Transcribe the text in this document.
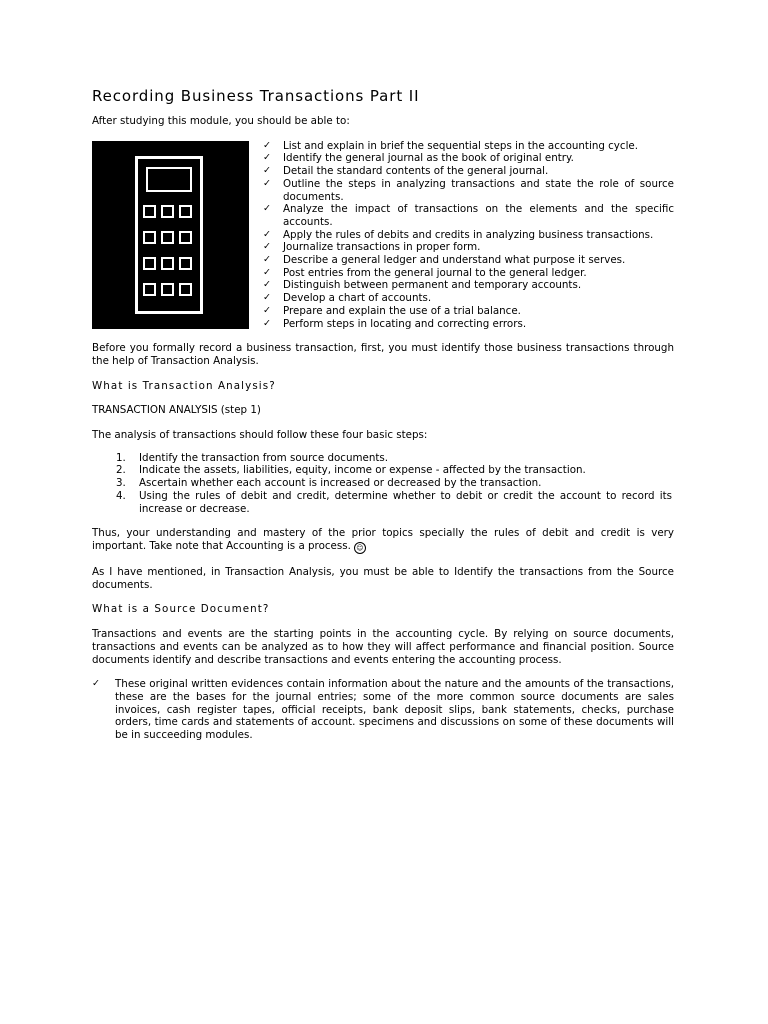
Recording Business Transactions Part II

After studying this module, you should be able to:

✓ List and explain in brief the sequential steps in the accounting cycle.
✓ Identify the general journal as the book of original entry.
✓ Detail the standard contents of the general journal.
✓ Outline the steps in analyzing transactions and state the role of source documents.
✓ Analyze the impact of transactions on the elements and the specific accounts.
✓ Apply the rules of debits and credits in analyzing business transactions.
✓ Journalize transactions in proper form.
✓ Describe a general ledger and understand what purpose it serves.
✓ Post entries from the general journal to the general ledger.
✓ Distinguish between permanent and temporary accounts.
✓ Develop a chart of accounts.
✓ Prepare and explain the use of a trial balance.
✓ Perform steps in locating and correcting errors.

Before you formally record a business transaction, first, you must identify those business transactions through the help of Transaction Analysis.

What is Transaction Analysis?

TRANSACTION ANALYSIS (step 1)

The analysis of transactions should follow these four basic steps:

1. Identify the transaction from source documents.
2. Indicate the assets, liabilities, equity, income or expense - affected by the transaction.
3. Ascertain whether each account is increased or decreased by the transaction.
4. Using the rules of debit and credit, determine whether to debit or credit the account to record its increase or decrease.

Thus, your understanding and mastery of the prior topics specially the rules of debit and credit is very important. Take note that Accounting is a process. ☺

As I have mentioned, in Transaction Analysis, you must be able to Identify the transactions from the Source documents.

What is a Source Document?

Transactions and events are the starting points in the accounting cycle. By relying on source documents, transactions and events can be analyzed as to how they will affect performance and financial position. Source documents identify and describe transactions and events entering the accounting process.

✓ These original written evidences contain information about the nature and the amounts of the transactions, these are the bases for the journal entries; some of the more common source documents are sales invoices, cash register tapes, official receipts, bank deposit slips, bank statements, checks, purchase orders, time cards and statements of account. specimens and discussions on some of these documents will be in succeeding modules.
